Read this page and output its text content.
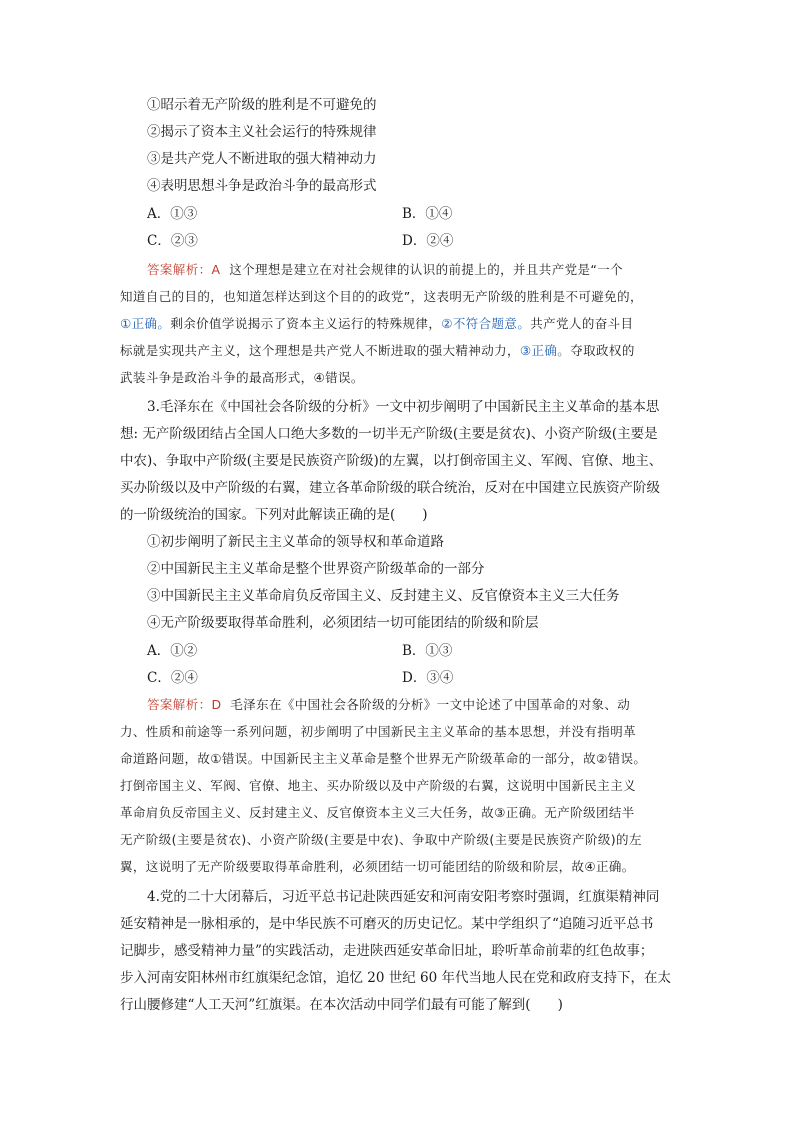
①昭示着无产阶级的胜利是不可避免的
②揭示了资本主义社会运行的特殊规律
③是共产党人不断进取的强大精神动力
④表明思想斗争是政治斗争的最高形式
A．①③	B．①④
C．②③	D．②④
答案解析：A 这个理想是建立在对社会规律的认识的前提上的，并且共产党是“一个
知道自己的目的，也知道怎样达到这个目的的政党”，这表明无产阶级的胜利是不可避免的，
①正确。剩余价值学说揭示了资本主义运行的特殊规律，②不符合题意。共产党人的奋斗目
标就是实现共产主义，这个理想是共产党人不断进取的强大精神动力，③正确。夺取政权的
武装斗争是政治斗争的最高形式，④错误。
3.毛泽东在《中国社会各阶级的分析》一文中初步阐明了中国新民主主义革命的基本思
想: 无产阶级团结占全国人口绝大多数的一切半无产阶级(主要是贫农)、小资产阶级(主要是
中农)、争取中产阶级(主要是民族资产阶级)的左翼，以打倒帝国主义、军阀、官僚、地主、
买办阶级以及中产阶级的右翼，建立各革命阶级的联合统治，反对在中国建立民族资产阶级
的一阶级统治的国家。下列对此解读正确的是(　　)
①初步阐明了新民主主义革命的领导权和革命道路
②中国新民主主义革命是整个世界资产阶级革命的一部分
③中国新民主主义革命肩负反帝国主义、反封建主义、反官僚资本主义三大任务
④无产阶级要取得革命胜利，必须团结一切可能团结的阶级和阶层
A．①②	B．①③
C．②④	D．③④
答案解析：D 毛泽东在《中国社会各阶级的分析》一文中论述了中国革命的对象、动
力、性质和前途等一系列问题，初步阐明了中国新民主主义革命的基本思想，并没有指明革
命道路问题，故①错误。中国新民主主义革命是整个世界无产阶级革命的一部分，故②错误。
打倒帝国主义、军阀、官僚、地主、买办阶级以及中产阶级的右翼，这说明中国新民主主义
革命肩负反帝国主义、反封建主义、反官僚资本主义三大任务，故③正确。无产阶级团结半
无产阶级(主要是贫农)、小资产阶级(主要是中农)、争取中产阶级(主要是民族资产阶级)的左
翼，这说明了无产阶级要取得革命胜利，必须团结一切可能团结的阶级和阶层，故④正确。
4.党的二十大闭幕后，习近平总书记赴陕西延安和河南安阳考察时强调，红旗渠精神同
延安精神是一脉相承的，是中华民族不可磨灭的历史记忆。某中学组织了“追随习近平总书
记脚步，感受精神力量”的实践活动，走进陕西延安革命旧址，聆听革命前辈的红色故事；
步入河南安阳林州市红旗渠纪念馆，追忆 20 世纪 60 年代当地人民在党和政府支持下，在太
行山腰修建“人工天河”红旗渠。在本次活动中同学们最有可能了解到(　　)
